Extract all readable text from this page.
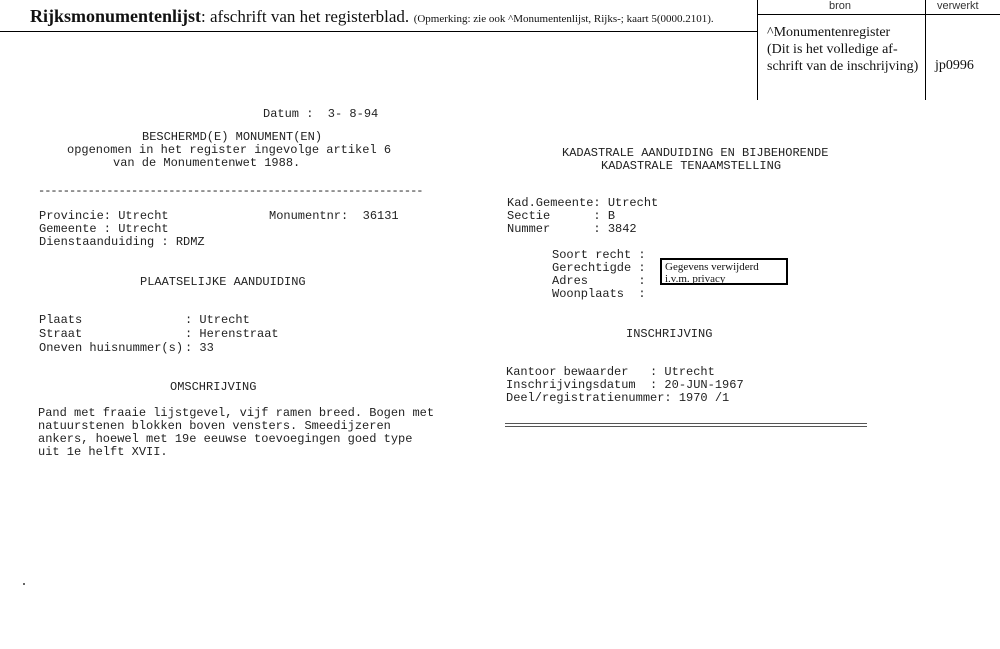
Rijksmonumentenlijst: afschrift van het registerblad. (Opmerking: zie ook ^Monumentenlijst, Rijks-; kaart 5(0000.2101).
bron	verwerkt
^Monumentenregister
(Dit is het volledige af-
schrift van de inschrijving) jp0996
Datum :  3- 8-94
BESCHERMD(E) MONUMENT(EN)
opgenomen in het register ingevolge artikel 6
van de Monumentenwet 1988.
--------------------------------------------------------------
Provincie: Utrecht	Monumentnr:  36131
Gemeente : Utrecht
Dienstaanduiding : RDMZ
PLAATSELIJKE AANDUIDING
Plaats	: Utrecht
Straat	: Herenstraat
Oneven huisnummer(s) : 33
OMSCHRIJVING
Pand met fraaie lijstgevel, vijf ramen breed. Bogen met
natuurstenen blokken boven vensters. Smeedijzeren
ankers, hoewel met 19e eeuwse toevoegingen goed type
uit 1e helft XVII.
KADASTRALE AANDUIDING EN BIJBEHORENDE
KADASTRALE TENAAMSTELLING
Kad.Gemeente: Utrecht
Sectie      : B
Nummer      : 3842
Soort recht :
Gerechtigde :
Adres       :
Woonplaats  :
Gegevens verwijderd i.v.m. privacy
INSCHRIJVING
Kantoor bewaarder   : Utrecht
Inschrijvingsdatum  : 20-JUN-1967
Deel/registratienummer: 1970 /1
